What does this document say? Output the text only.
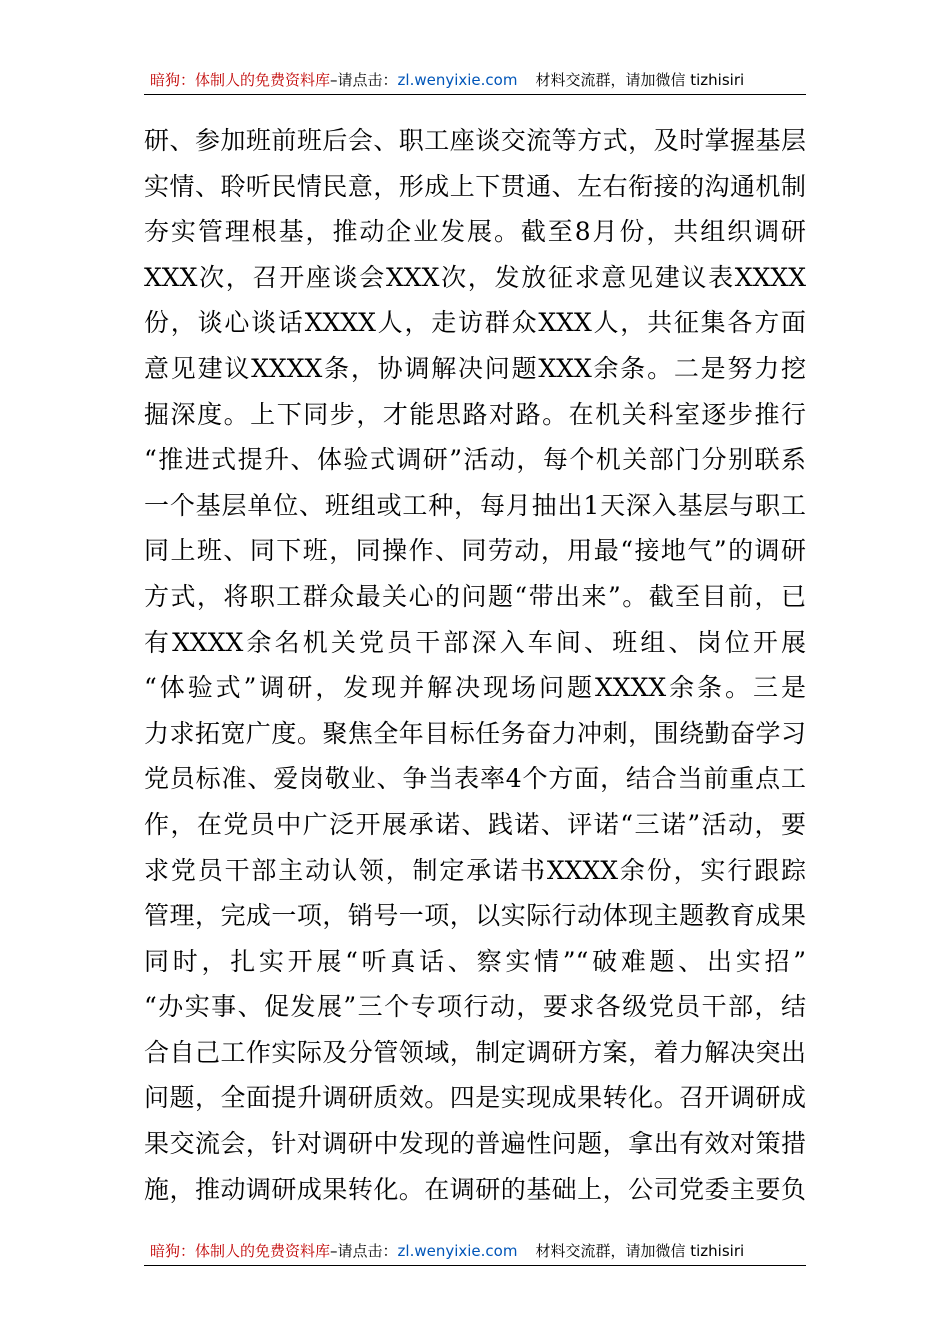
暗狗：体制人的免费资料库 –请点击： zl.wenyixie.com 材料交流群，请加微信 tizhisiri
研、参加班前班后会、职工座谈交流等方式，及时掌握基层
实情、聆听民情民意，形成上下贯通、左右衔接的沟通机制
夯实管理根基，推动企业发展。截至8月份，共组织调研
XXX次，召开座谈会XXX次，发放征求意见建议表XXXX
份，谈心谈话XXXX人，走访群众XXX人，共征集各方面
意见建议XXXX条，协调解决问题XXX余条。二是努力挖
掘深度。上下同步，才能思路对路。在机关科室逐步推行
“推进式提升、体验式调研”活动，每个机关部门分别联系
一个基层单位、班组或工种，每月抽出1天深入基层与职工
同上班、同下班，同操作、同劳动，用最“接地气”的调研
方式，将职工群众最关心的问题“带出来”。截至目前，已
有XXXX余名机关党员干部深入车间、班组、岗位开展
“体验式”调研，发现并解决现场问题XXXX余条。三是
力求拓宽广度。聚焦全年目标任务奋力冲刺，围绕勤奋学习
党员标准、爱岗敬业、争当表率4个方面，结合当前重点工
作，在党员中广泛开展承诺、践诺、评诺“三诺”活动，要
求党员干部主动认领，制定承诺书XXXX余份，实行跟踪
管理，完成一项，销号一项，以实际行动体现主题教育成果
同时，扎实开展“听真话、察实情”“破难题、出实招”
“办实事、促发展”三个专项行动，要求各级党员干部，结
合自己工作实际及分管领域，制定调研方案，着力解决突出
问题，全面提升调研质效。四是实现成果转化。召开调研成
果交流会，针对调研中发现的普遍性问题，拿出有效对策措
施，推动调研成果转化。在调研的基础上，公司党委主要负
暗狗：体制人的免费资料库 –请点击： zl.wenyixie.com 材料交流群，请加微信 tizhisiri
